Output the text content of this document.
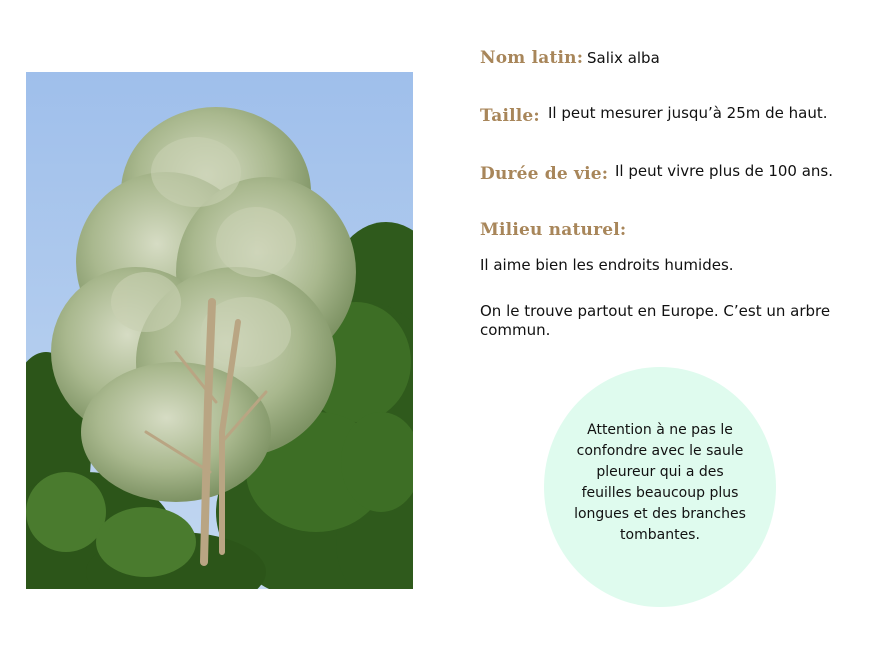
Nom latin: Salix alba
Taille: Il peut mesurer jusqu’à 25m de haut.
Durée de vie: Il peut vivre plus de 100 ans.
Milieu naturel:
Il aime bien les endroits humides.
On le trouve partout en Europe. C’est un arbre commun.
Attention à ne pas le confondre avec le saule pleureur qui a des feuilles beaucoup plus longues et des branches tombantes.
